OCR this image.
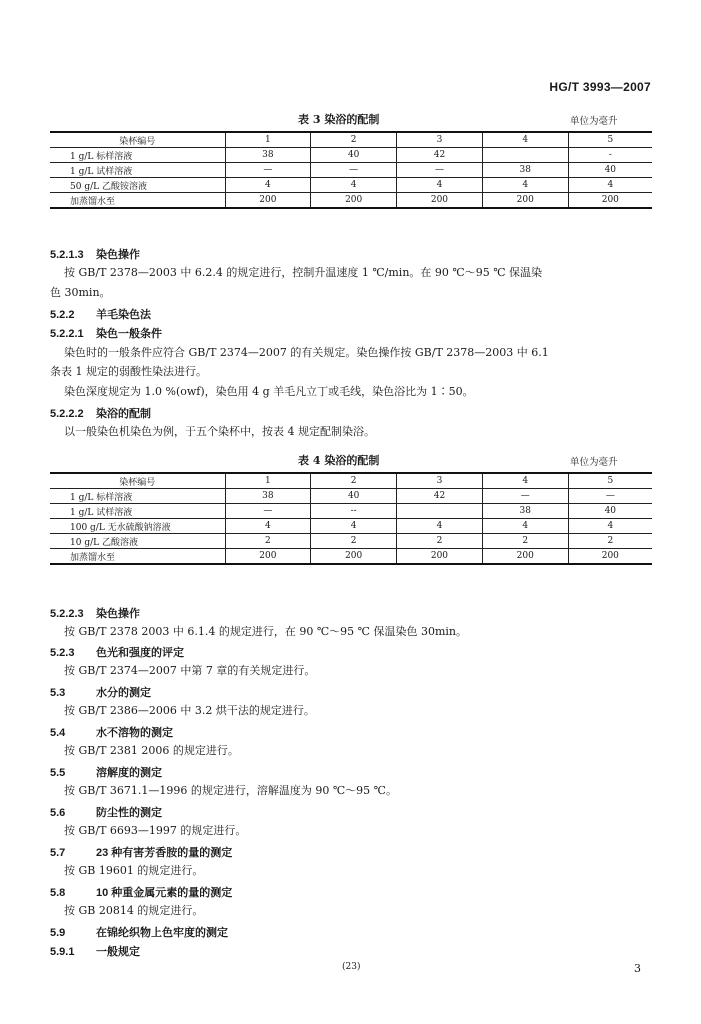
HG/T 3993—2007
表 3 染浴的配制	单位为毫升
染杯编号	1	2	3	4	5
1 g/L 标样溶液	38	40	42		-
1 g/L 试样溶液	—	—	—	38	40
50 g/L 乙酸铵溶液	4	4	4	4	4
加蒸馏水至	200	200	200	200	200
5.2.1.3 染色操作
按 GB/T 2378—2003 中 6.2.4 的规定进行，控制升温速度 1 ℃/min。在 90 ℃～95 ℃ 保温染
色 30min。
5.2.2 羊毛染色法
5.2.2.1 染色一般条件
染色时的一般条件应符合 GB/T 2374—2007 的有关规定。染色操作按 GB/T 2378—2003 中 6.1
条表 1 规定的弱酸性染法进行。
染色深度规定为 1.0 %(owf)，染色用 4 g 羊毛凡立丁或毛线，染色浴比为 1∶50。
5.2.2.2 染浴的配制
以一般染色机染色为例，于五个染杯中，按表 4 规定配制染浴。
表 4 染浴的配制	单位为毫升
染杯编号	1	2	3	4	5
1 g/L 标样溶液	38	40	42	—	—
1 g/L 试样溶液	—	--		38	40
100 g/L 无水硫酸钠溶液	4	4	4	4	4
10 g/L 乙酸溶液	2	2	2	2	2
加蒸馏水至	200	200	200	200	200
5.2.2.3 染色操作
按 GB/T 2378 2003 中 6.1.4 的规定进行，在 90 ℃～95 ℃ 保温染色 30min。
5.2.3 色光和强度的评定
按 GB/T 2374—2007 中第 7 章的有关规定进行。
5.3	水分的测定
按 GB/T 2386—2006 中 3.2 烘干法的规定进行。
5.4	水不溶物的测定
按 GB/T 2381 2006 的规定进行。
5.5	溶解度的测定
按 GB/T 3671.1—1996 的规定进行，溶解温度为 90 ℃～95 ℃。
5.6	防尘性的测定
按 GB/T 6693—1997 的规定进行。
5.7	23 种有害芳香胺的量的测定
按 GB 19601 的规定进行。
5.8	10 种重金属元素的量的测定
按 GB 20814 的规定进行。
5.9	在锦纶织物上色牢度的测定
5.9.1 一般规定
(23)	3
